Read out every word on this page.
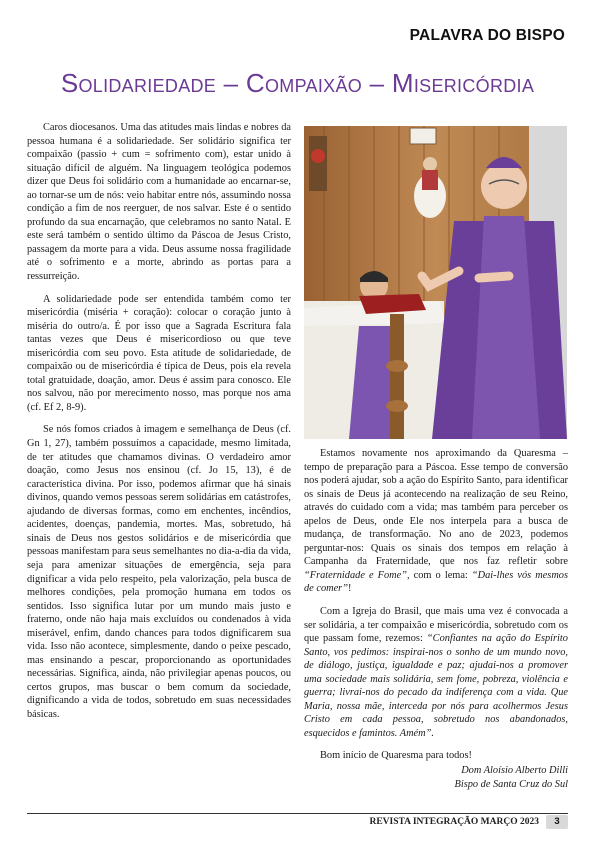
PALAVRA DO BISPO
Solidariedade – Compaixão – Misericórdia

Caros diocesanos. Uma das atitudes mais lindas e nobres da pessoa humana é a solidariedade. Ser solidário significa ter compaixão (passio + cum = sofrimento com), estar unido à situação difícil de alguém. Na linguagem teológica podemos dizer que Deus foi solidário com a humanidade ao encarnar-se, ao tornar-se um de nós: veio habitar entre nós, assumindo nossa condição a fim de nos reerguer, de nos salvar. Este é o sentido profundo da sua encarnação, que celebramos no santo Natal. E este será também o sentido último da Páscoa de Jesus Cristo, passagem da morte para a vida. Deus assume nossa fragilidade até o sofrimento e a morte, abrindo as portas para a ressurreição.

A solidariedade pode ser entendida também como ter misericórdia (miséria + coração): colocar o coração junto à miséria do outro/a. É por isso que a Sagrada Escritura fala tantas vezes que Deus é misericordioso ou que teve misericórdia com seu povo. Esta atitude de solidariedade, de compaixão ou de misericórdia é típica de Deus, pois ela revela total gratuidade, doação, amor. Deus é assim para conosco. Ele nos salvou, não por merecimento nosso, mas porque nos ama (cf. Ef 2, 8-9).

Se nós fomos criados à imagem e semelhança de Deus (cf. Gn 1, 27), também possuímos a capacidade, mesmo limitada, de ter atitudes que chamamos divinas. O verdadeiro amor doação, como Jesus nos ensinou (cf. Jo 15, 13), é de característica divina. Por isso, podemos afirmar que há sinais divinos, quando vemos pessoas serem solidárias em catástrofes, ajudando de diversas formas, como em enchentes, incêndios, acidentes, doenças, pandemia, mortes. Mas, sobretudo, há sinais de Deus nos gestos solidários e de misericórdia que pessoas manifestam para seus semelhantes no dia-a-dia da vida, seja para amenizar situações de emergência, seja para dignificar a vida pelo respeito, pela valorização, pela busca de melhores condições, pela promoção humana em todos os sentidos. Isso significa lutar por um mundo mais justo e fraterno, onde não haja mais excluídos ou condenados à vida miserável, enfim, dando chances para todos dignificarem sua vida. Isso não acontece, simplesmente, dando o peixe pescado, mas ensinando a pescar, proporcionando as oportunidades necessárias. Significa, ainda, não privilegiar apenas poucos, ou certos grupos, mas buscar o bem comum da sociedade, dignificando a vida de todos, sobretudo em suas necessidades básicas.

Estamos novamente nos aproximando da Quaresma – tempo de preparação para a Páscoa. Esse tempo de conversão nos poderá ajudar, sob a ação do Espírito Santo, para identificar os sinais de Deus já acontecendo na realização de seu Reino, através do cuidado com a vida; mas também para perceber os apelos de Deus, onde Ele nos interpela para a busca de mudança, de transformação. No ano de 2023, podemos perguntar-nos: Quais os sinais dos tempos em relação à Campanha da Fraternidade, que nos faz refletir sobre “Fraternidade e Fome”, com o lema: “Dai-lhes vós mesmos de comer”!

Com a Igreja do Brasil, que mais uma vez é convocada a ser solidária, a ter compaixão e misericórdia, sobretudo com os que passam fome, rezemos: “Confiantes na ação do Espírito Santo, vos pedimos: inspirai-nos o sonho de um mundo novo, de diálogo, justiça, igualdade e paz; ajudai-nos a promover uma sociedade mais solidária, sem fome, pobreza, violência e guerra; livrai-nos do pecado da indiferença com a vida. Que Maria, nossa mãe, interceda por nós para acolhermos Jesus Cristo em cada pessoa, sobretudo nos abandonados, esquecidos e famintos. Amém”.

Bom início de Quaresma para todos!

Dom Aloísio Alberto Dilli

Bispo de Santa Cruz do Sul

REVISTA INTEGRAÇÃO MARÇO 2023	3
